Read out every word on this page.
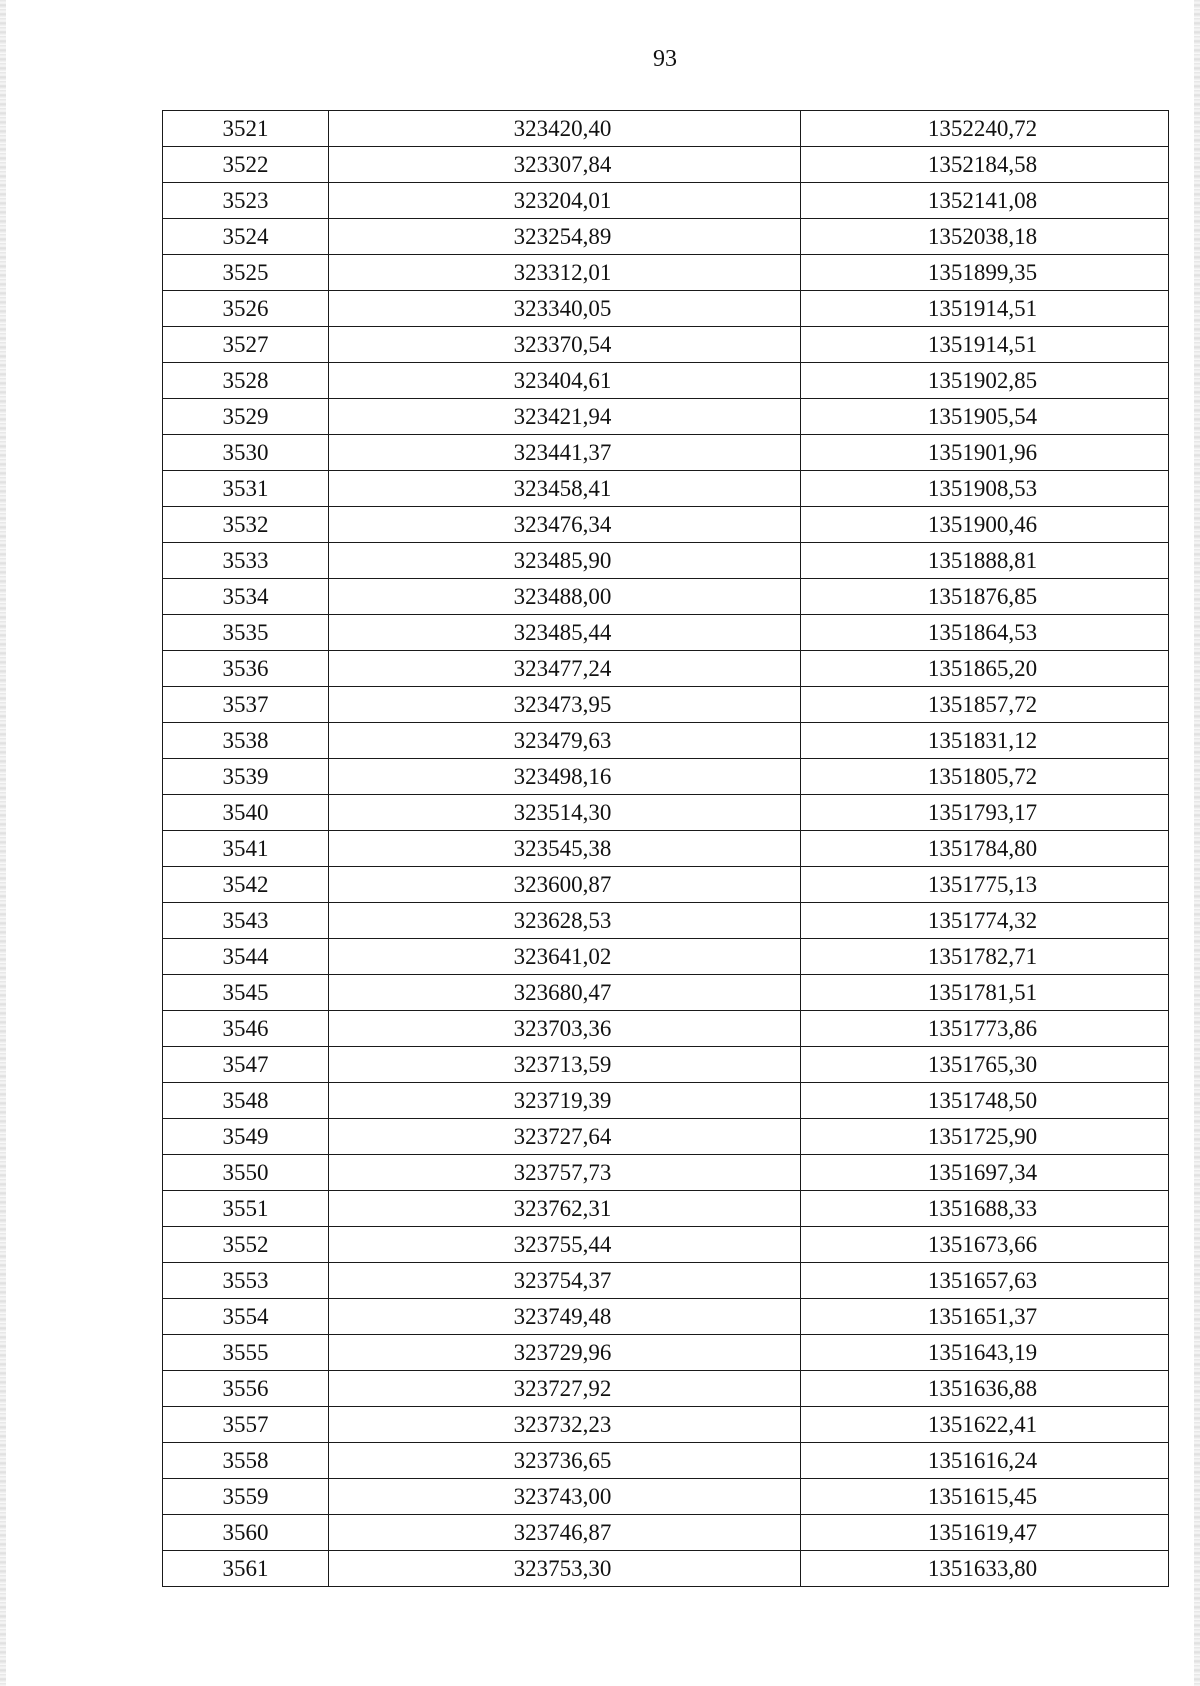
93
3521	323420,40	1352240,72
3522	323307,84	1352184,58
3523	323204,01	1352141,08
3524	323254,89	1352038,18
3525	323312,01	1351899,35
3526	323340,05	1351914,51
3527	323370,54	1351914,51
3528	323404,61	1351902,85
3529	323421,94	1351905,54
3530	323441,37	1351901,96
3531	323458,41	1351908,53
3532	323476,34	1351900,46
3533	323485,90	1351888,81
3534	323488,00	1351876,85
3535	323485,44	1351864,53
3536	323477,24	1351865,20
3537	323473,95	1351857,72
3538	323479,63	1351831,12
3539	323498,16	1351805,72
3540	323514,30	1351793,17
3541	323545,38	1351784,80
3542	323600,87	1351775,13
3543	323628,53	1351774,32
3544	323641,02	1351782,71
3545	323680,47	1351781,51
3546	323703,36	1351773,86
3547	323713,59	1351765,30
3548	323719,39	1351748,50
3549	323727,64	1351725,90
3550	323757,73	1351697,34
3551	323762,31	1351688,33
3552	323755,44	1351673,66
3553	323754,37	1351657,63
3554	323749,48	1351651,37
3555	323729,96	1351643,19
3556	323727,92	1351636,88
3557	323732,23	1351622,41
3558	323736,65	1351616,24
3559	323743,00	1351615,45
3560	323746,87	1351619,47
3561	323753,30	1351633,80
